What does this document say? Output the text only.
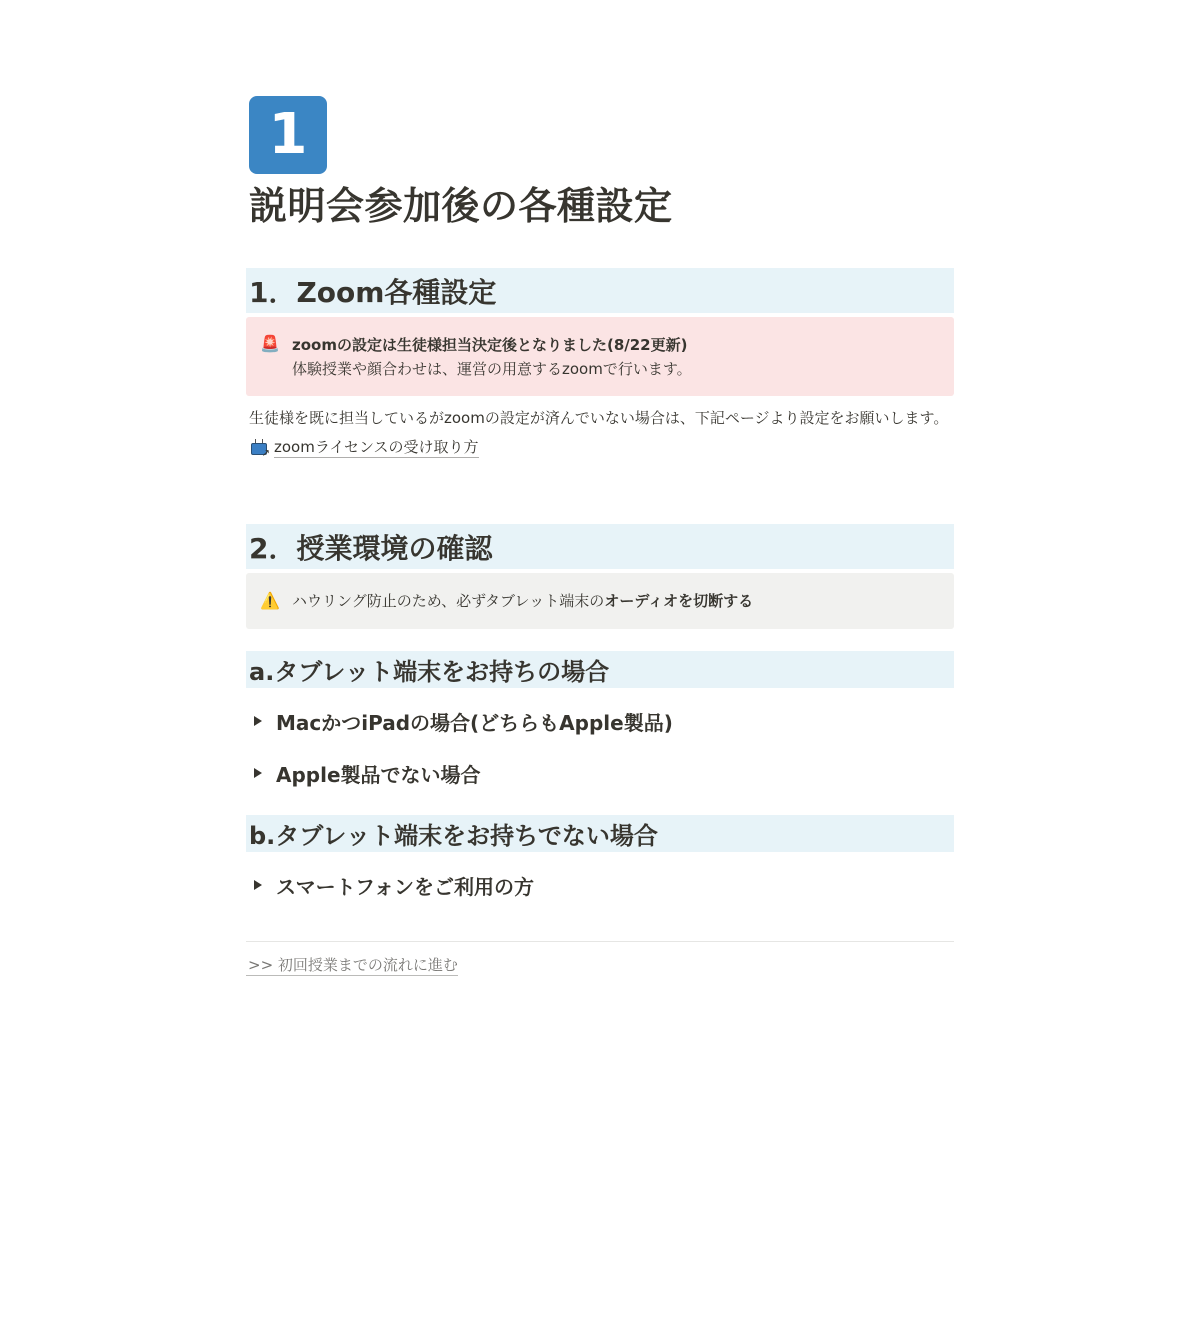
1
説明会参加後の各種設定
1．Zoom各種設定
🚨 zoomの設定は生徒様担当決定後となりました(8/22更新)
体験授業や顔合わせは、運営の用意するzoomで行います。
生徒様を既に担当しているがzoomの設定が済んでいない場合は、下記ページより設定をお願いします。
↗ zoomライセンスの受け取り方
2．授業環境の確認
⚠️ ハウリング防止のため、必ずタブレット端末のオーディオを切断する
a.タブレット端末をお持ちの場合
MacかつiPadの場合(どちらもApple製品)
Apple製品でない場合
b.タブレット端末をお持ちでない場合
スマートフォンをご利用の方
>> 初回授業までの流れに進む
